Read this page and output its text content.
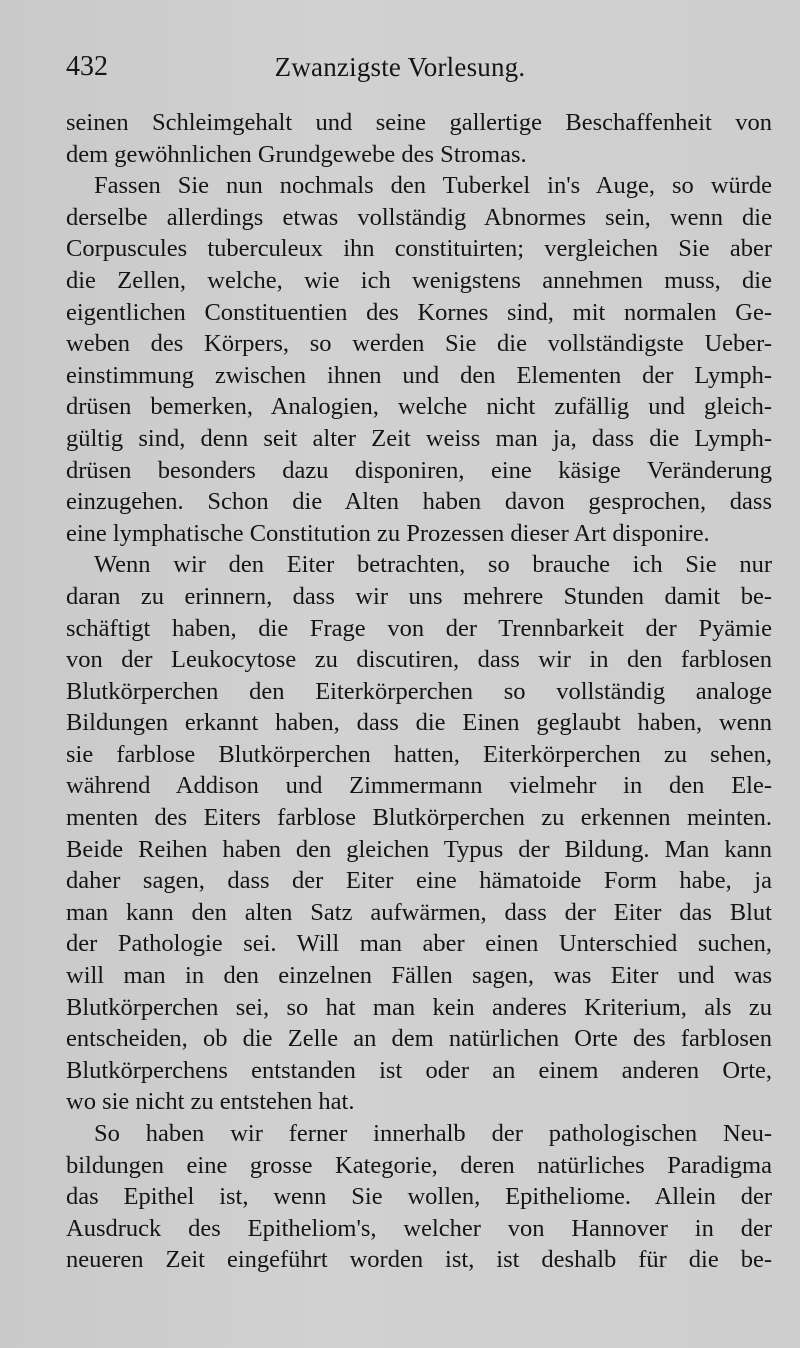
432	Zwanzigste Vorlesung.
seinen Schleimgehalt und seine gallertige Beschaffenheit von
dem gewöhnlichen Grundgewebe des Stromas.
Fassen Sie nun nochmals den Tuberkel in's Auge, so würde
derselbe allerdings etwas vollständig Abnormes sein, wenn die
Corpuscules tuberculeux ihn constituirten; vergleichen Sie aber
die Zellen, welche, wie ich wenigstens annehmen muss, die
eigentlichen Constituentien des Kornes sind, mit normalen Ge-
weben des Körpers, so werden Sie die vollständigste Ueber-
einstimmung zwischen ihnen und den Elementen der Lymph-
drüsen bemerken, Analogien, welche nicht zufällig und gleich-
gültig sind, denn seit alter Zeit weiss man ja, dass die Lymph-
drüsen besonders dazu disponiren, eine käsige Veränderung
einzugehen. Schon die Alten haben davon gesprochen, dass
eine lymphatische Constitution zu Prozessen dieser Art disponire.
Wenn wir den Eiter betrachten, so brauche ich Sie nur
daran zu erinnern, dass wir uns mehrere Stunden damit be-
schäftigt haben, die Frage von der Trennbarkeit der Pyämie
von der Leukocytose zu discutiren, dass wir in den farblosen
Blutkörperchen den Eiterkörperchen so vollständig analoge
Bildungen erkannt haben, dass die Einen geglaubt haben, wenn
sie farblose Blutkörperchen hatten, Eiterkörperchen zu sehen,
während Addison und Zimmermann vielmehr in den Ele-
menten des Eiters farblose Blutkörperchen zu erkennen meinten.
Beide Reihen haben den gleichen Typus der Bildung. Man kann
daher sagen, dass der Eiter eine hämatoide Form habe, ja
man kann den alten Satz aufwärmen, dass der Eiter das Blut
der Pathologie sei. Will man aber einen Unterschied suchen,
will man in den einzelnen Fällen sagen, was Eiter und was
Blutkörperchen sei, so hat man kein anderes Kriterium, als zu
entscheiden, ob die Zelle an dem natürlichen Orte des farblosen
Blutkörperchens entstanden ist oder an einem anderen Orte,
wo sie nicht zu entstehen hat.
So haben wir ferner innerhalb der pathologischen Neu-
bildungen eine grosse Kategorie, deren natürliches Paradigma
das Epithel ist, wenn Sie wollen, Epitheliome. Allein der
Ausdruck des Epitheliom's, welcher von Hannover in der
neueren Zeit eingeführt worden ist, ist deshalb für die be-
